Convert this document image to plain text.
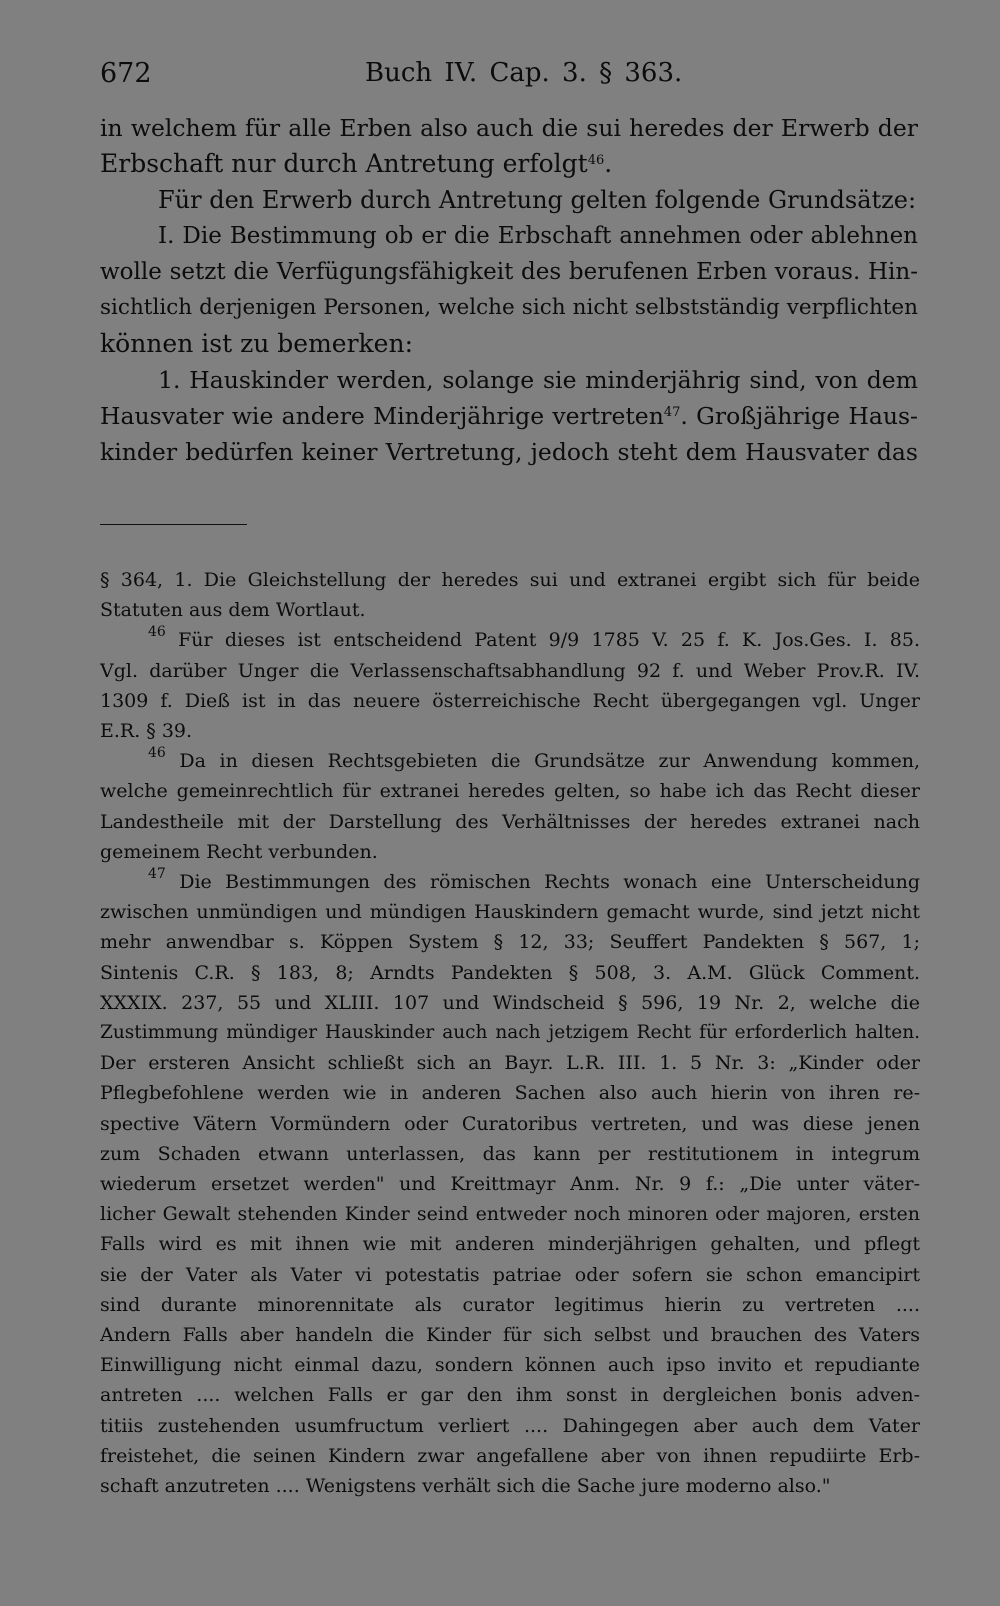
672	Buch IV. Cap. 3. § 363.
in welchem für alle Erben also auch die sui heredes der Erwerb der
Erbschaft nur durch Antretung erfolgt$^{46}$.
Für den Erwerb durch Antretung gelten folgende Grundsätze:
I. Die Bestimmung ob er die Erbschaft annehmen oder ablehnen
wolle setzt die Verfügungsfähigkeit des berufenen Erben voraus. Hin-
sichtlich derjenigen Personen, welche sich nicht selbstständig verpflichten
können ist zu bemerken:
1. Hauskinder werden, solange sie minderjährig sind, von dem
Hausvater wie andere Minderjährige vertreten$^{47}$. Großjährige Haus-
kinder bedürfen keiner Vertretung, jedoch steht dem Hausvater das
§ 364, 1. Die Gleichstellung der heredes sui und extranei ergibt sich für beide
Statuten aus dem Wortlaut.
$^{46}$ Für dieses ist entscheidend Patent 9/9 1785 V. 25 f. K. Jos.Ges. I. 85.
Vgl. darüber Unger die Verlassenschaftsabhandlung 92 f. und Weber Prov.R. IV.
1309 f. Dieß ist in das neuere österreichische Recht übergegangen vgl. Unger
E.R. § 39.
$^{46}$ Da in diesen Rechtsgebieten die Grundsätze zur Anwendung kommen,
welche gemeinrechtlich für extranei heredes gelten, so habe ich das Recht dieser
Landestheile mit der Darstellung des Verhältnisses der heredes extranei nach
gemeinem Recht verbunden.
$^{47}$ Die Bestimmungen des römischen Rechts wonach eine Unterscheidung
zwischen unmündigen und mündigen Hauskindern gemacht wurde, sind jetzt nicht
mehr anwendbar s. Köppen System § 12, 33; Seuffert Pandekten § 567, 1;
Sintenis C.R. § 183, 8; Arndts Pandekten § 508, 3. A.M. Glück Comment.
XXXIX. 237, 55 und XLIII. 107 und Windscheid § 596, 19 Nr. 2, welche die
Zustimmung mündiger Hauskinder auch nach jetzigem Recht für erforderlich halten.
Der ersteren Ansicht schließt sich an Bayr. L.R. III. 1. 5 Nr. 3: „Kinder oder
Pflegbefohlene werden wie in anderen Sachen also auch hierin von ihren re-
spective Vätern Vormündern oder Curatoribus vertreten, und was diese jenen
zum Schaden etwann unterlassen, das kann per restitutionem in integrum
wiederum ersetzet werden" und Kreittmayr Anm. Nr. 9 f.: „Die unter väter-
licher Gewalt stehenden Kinder seind entweder noch minoren oder majoren, ersten
Falls wird es mit ihnen wie mit anderen minderjährigen gehalten, und pflegt
sie der Vater als Vater vi potestatis patriae oder sofern sie schon emancipirt
sind durante minorennitate als curator legitimus hierin zu vertreten ....
Andern Falls aber handeln die Kinder für sich selbst und brauchen des Vaters
Einwilligung nicht einmal dazu, sondern können auch ipso invito et repudiante
antreten .... welchen Falls er gar den ihm sonst in dergleichen bonis adven-
titiis zustehenden usumfructum verliert .... Dahingegen aber auch dem Vater
freistehet, die seinen Kindern zwar angefallene aber von ihnen repudiirte Erb-
schaft anzutreten .... Wenigstens verhält sich die Sache jure moderno also."
